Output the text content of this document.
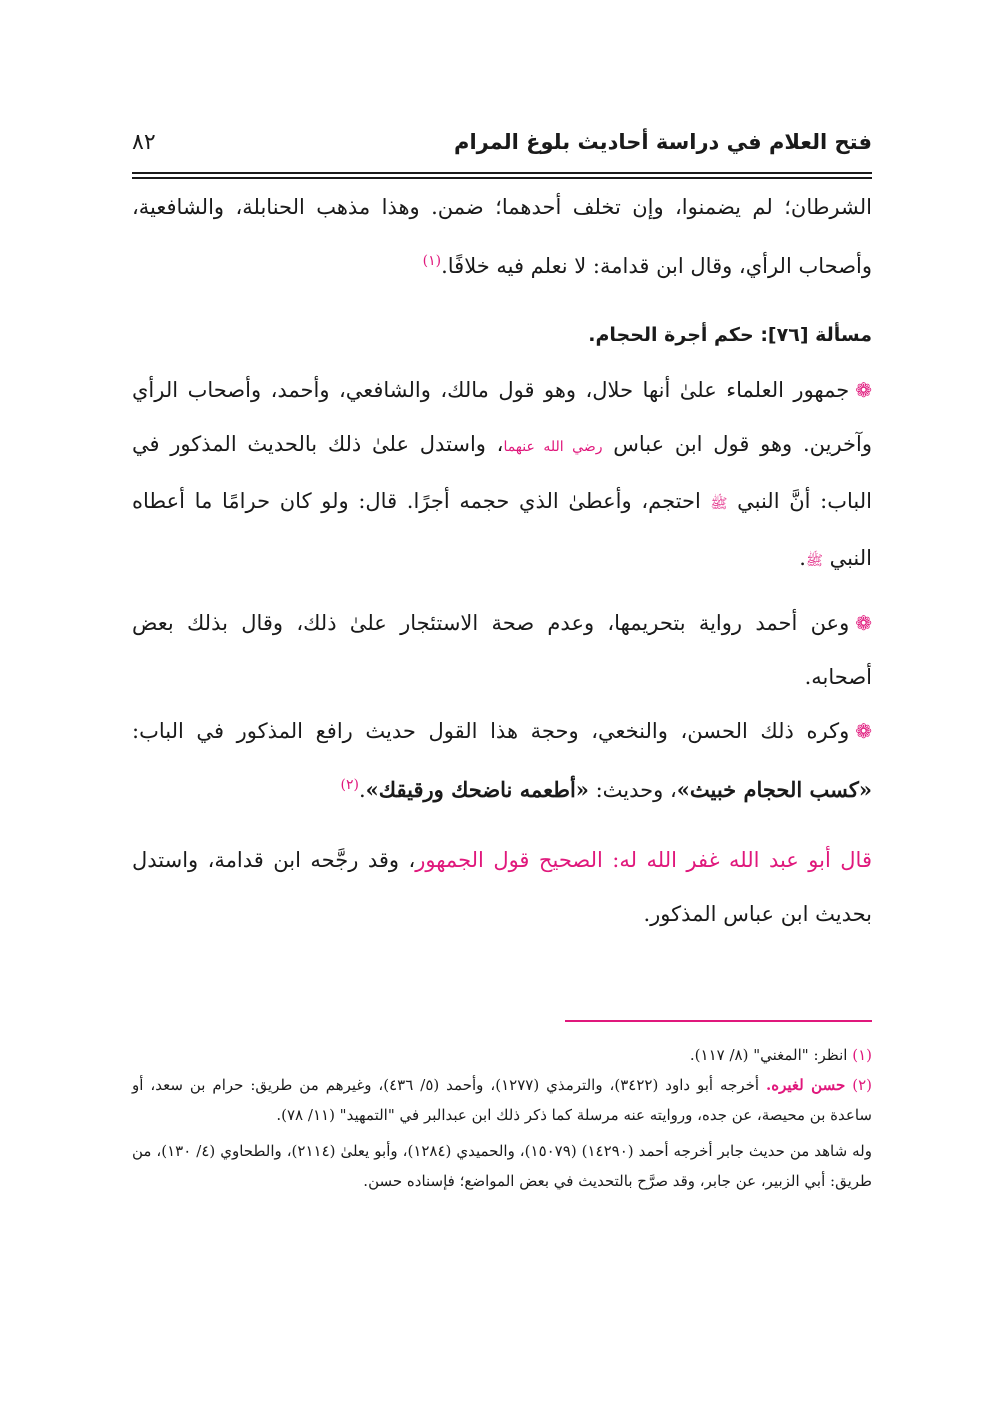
فتح العلام في دراسة أحاديث بلوغ المرام
٨٢

الشرطان؛ لم يضمنوا، وإن تخلف أحدهما؛ ضمن. وهذا مذهب الحنابلة، والشافعية، وأصحاب الرأي، وقال ابن قدامة: لا نعلم فيه خلافًا.$^{(١)}$

مسألة [٧٦]: حكم أجرة الحجام.

❁جمهور العلماء علىٰ أنها حلال، وهو قول مالك، والشافعي، وأحمد، وأصحاب الرأي وآخرين. وهو قول ابن عباس رضي الله عنهما، واستدل علىٰ ذلك بالحديث المذكور في الباب: أنَّ النبي ﷺ احتجم، وأعطىٰ الذي حجمه أجرًا. قال: ولو كان حرامًا ما أعطاه النبي ﷺ.

❁وعن أحمد رواية بتحريمها، وعدم صحة الاستئجار علىٰ ذلك، وقال بذلك بعض أصحابه.

❁وكره ذلك الحسن، والنخعي، وحجة هذا القول حديث رافع المذكور في الباب: «كسب الحجام خبيث»، وحديث: «أطعمه ناضحك ورقيقك».$^{(٢)}$

قال أبو عبد الله غفر الله له: الصحيح قول الجمهور، وقد رجَّحه ابن قدامة، واستدل بحديث ابن عباس المذكور.

(١) انظر: "المغني" (٨/ ١١٧).

(٢) حسن لغيره. أخرجه أبو داود (٣٤٢٢)، والترمذي (١٢٧٧)، وأحمد (٥/ ٤٣٦)، وغيرهم من طريق: حرام بن سعد، أو ساعدة بن محيصة، عن جده، وروايته عنه مرسلة كما ذكر ذلك ابن عبدالبر في "التمهيد" (١١/ ٧٨).

وله شاهد من حديث جابر أخرجه أحمد (١٤٢٩٠) (١٥٠٧٩)، والحميدي (١٢٨٤)، وأبو يعلىٰ (٢١١٤)، والطحاوي (٤/ ١٣٠)، من طريق: أبي الزبير، عن جابر، وقد صرَّح بالتحديث في بعض المواضع؛ فإسناده حسن.
